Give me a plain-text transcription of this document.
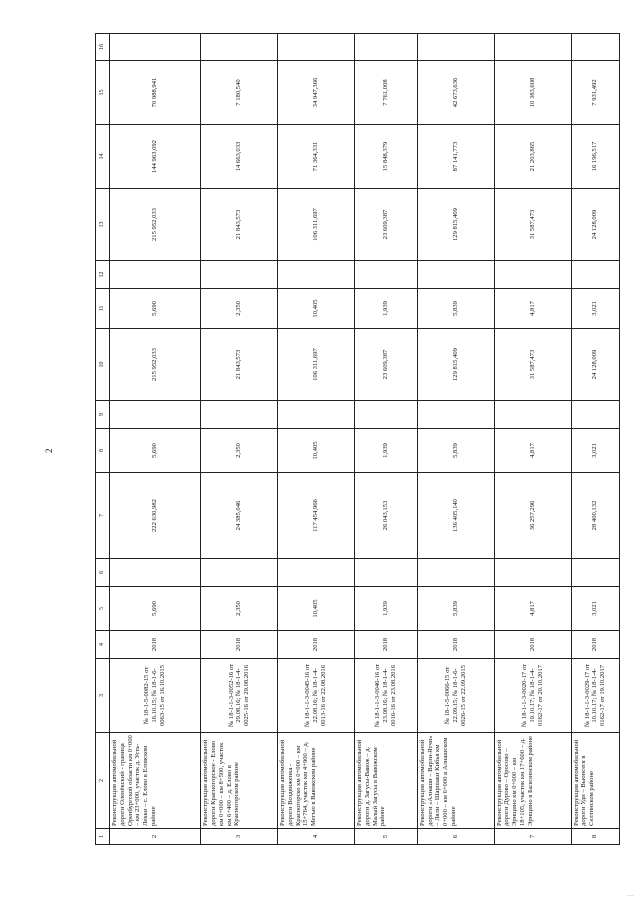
2
1	2	3	4	5	6	7	8	9	10	11	12	13	14	15	16
2	Реконструкция автомобильной дороги Оленёкский - граница Оренбургской области км 0+000 – км 23+000, участок д. Усть-Лекки – с. Елово в Еловском районе	№ 18-1-5-0082-15 от 16.10.15; № 18-1-6-0063-15 от 16.10.2015	2018	5,690		222 630,982	5,690		215 952,033	5,690		215 952,033	144 963,092	70 988,941	
3	Реконструкция автомобильной дороги Красногорское - Елово км 0+000 – км 8+500, участок км 6+400 – д. Елово в Красногорском районе	№ 18-1-1-3-0052-16 от 29.08.16; № 18-1-4-0025-16 от 29.08.2016	2018	2,350		24 385,046	2,350		21 843,573	2,350		21 843,573	14 663,033	7 180,540	
4	Реконструкция автомобильной дороги Воздвиженка - Красногорско км 0+000 – км 15+764, участок км 4+900 – д. Мегъю в Вавожском районе	№ 18-1-1-3-0045-16 от 22.08.16; № 18-1-4-0013-16 от 22.08.2016	2018	10,405		117 454,966	10,405		106 311,697	10,405		106 311,697	71 364,331	34 947,366	
5	Реконструкция автомобильной дороги д. Загусы-Вавож – д. Малый Загусы в Вавожском районе	№ 18-1-1-3-0046-16 от 23.08.16; № 18-1-4-0016-16 от 23.08.2016	2018	1,939		26 043,153	1,939		23 609,387	1,939		23 609,387	15 848,379	7 761,008	
6	Реконструкция автомобильной дороги «Алнаши – Варзи-Ятчи» – Ляли – Шаршаки Кибья км 0+000 – км 6+000 в Алнашском районе	№ 18-1-5-0066-15 от 22.09.15; № 18-1-6-0026-15 от 22.09.2015	2018	5,839		136 405,140	5,839		129 815,409	5,839		129 815,409	87 141,773	42 673,636	
7	Реконструкция автомобильной дороги Дурово – Оросово – Эрнщино км 0+000 – км 18+105, участок км 17+600 – д. Эрнщино в Балезинском районе	№ 18-1-1-3-0020-17 от 19.10.17; № 18-1-4-0162-17 от 20.10.2017	2018	4,817		36 257,296	4,817		31 587,473	4,817		31 587,473	21 203,865	10 383,608	
8	Реконструкция автомобильной дороги Уди – Вьюнсегя в Селтинском районе	№ 18-1-1-3-0029-17 от 10.10.17; № 18-1-4-0162-17 от 19.10.2017	2018	3,021		28 400,132	3,021		24 128,009	3,021		24 128,009	16 196,517	7 931,492	
—
